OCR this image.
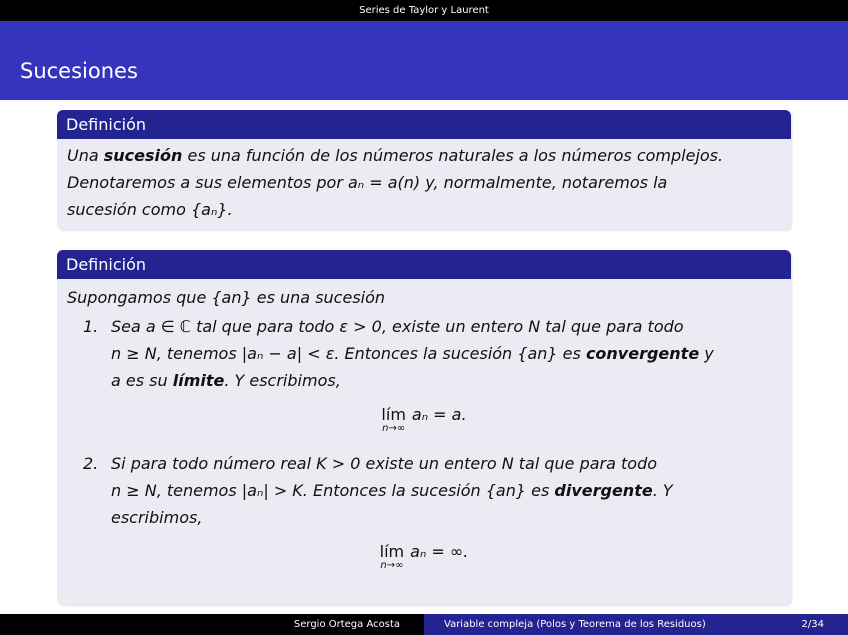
Series de Taylor y Laurent
Sucesiones
Definición
Una sucesión es una función de los números naturales a los números complejos.
Denotaremos a sus elementos por aₙ = a(n) y, normalmente, notaremos la
sucesión como {aₙ}.
Definición
Supongamos que {an} es una sucesión
1. Sea a ∈ ℂ tal que para todo ε > 0, existe un entero N tal que para todo
n ≥ N, tenemos |aₙ − a| < ε. Entonces la sucesión {an} es convergente y
a es su límite. Y escribimos,
lím
n→∞
aₙ = a.
2. Si para todo número real K > 0 existe un entero N tal que para todo
n ≥ N, tenemos |aₙ| > K. Entonces la sucesión {an} es divergente. Y
escribimos,
lím
n→∞
aₙ = ∞.
Sergio Ortega Acosta	Variable compleja (Polos y Teorema de los Residuos)	2/34
